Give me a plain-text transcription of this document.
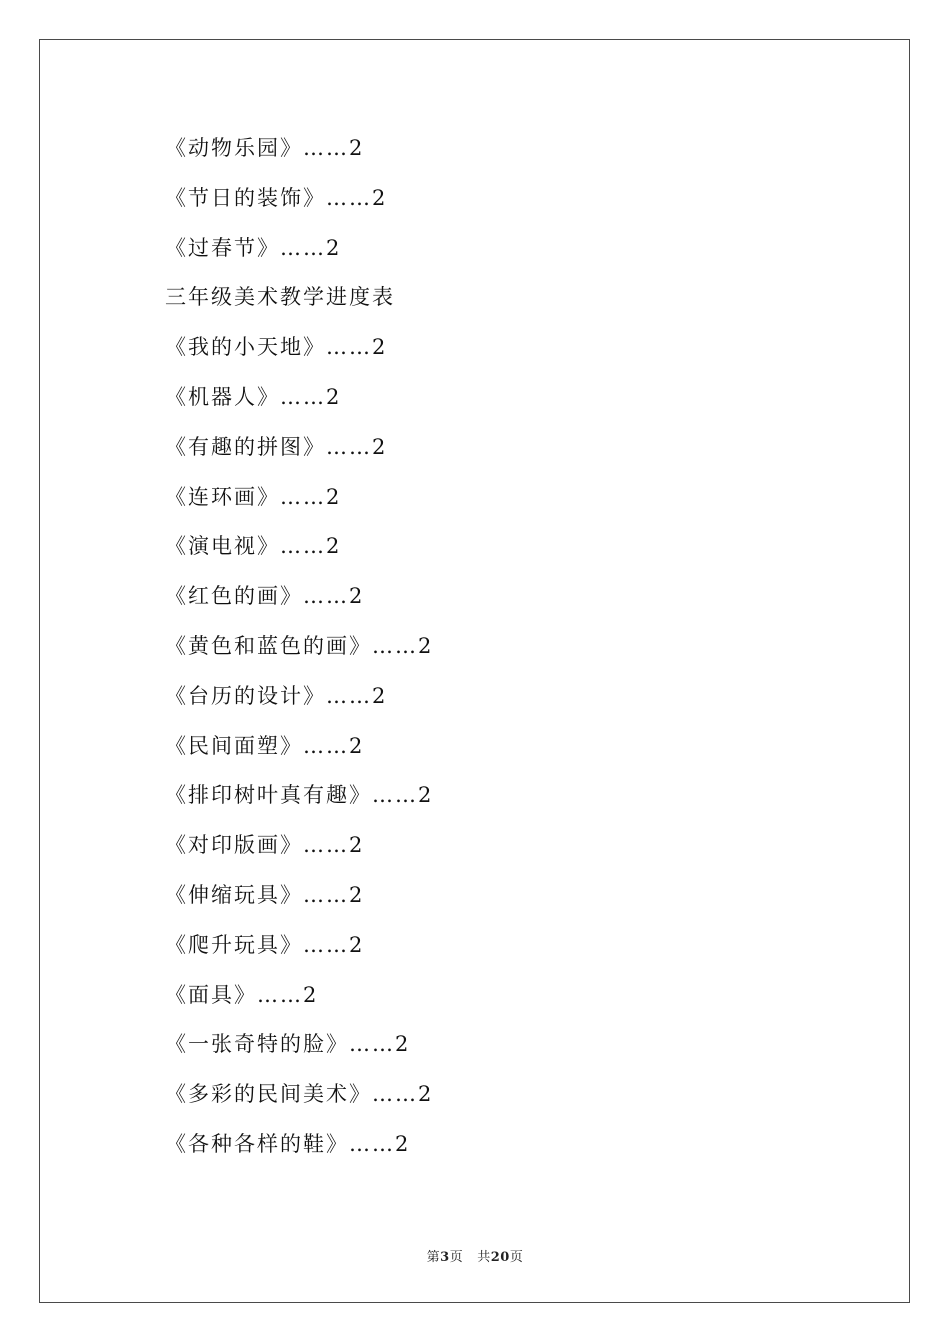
《动物乐园》……2
《节日的装饰》……2
《过春节》……2
三年级美术教学进度表
《我的小天地》……2
《机器人》……2
《有趣的拼图》……2
《连环画》……2
《演电视》……2
《红色的画》……2
《黄色和蓝色的画》……2
《台历的设计》……2
《民间面塑》……2
《排印树叶真有趣》……2
《对印版画》……2
《伸缩玩具》……2
《爬升玩具》……2
《面具》……2
《一张奇特的脸》……2
《多彩的民间美术》……2
《各种各样的鞋》……2
第3页 共20页
